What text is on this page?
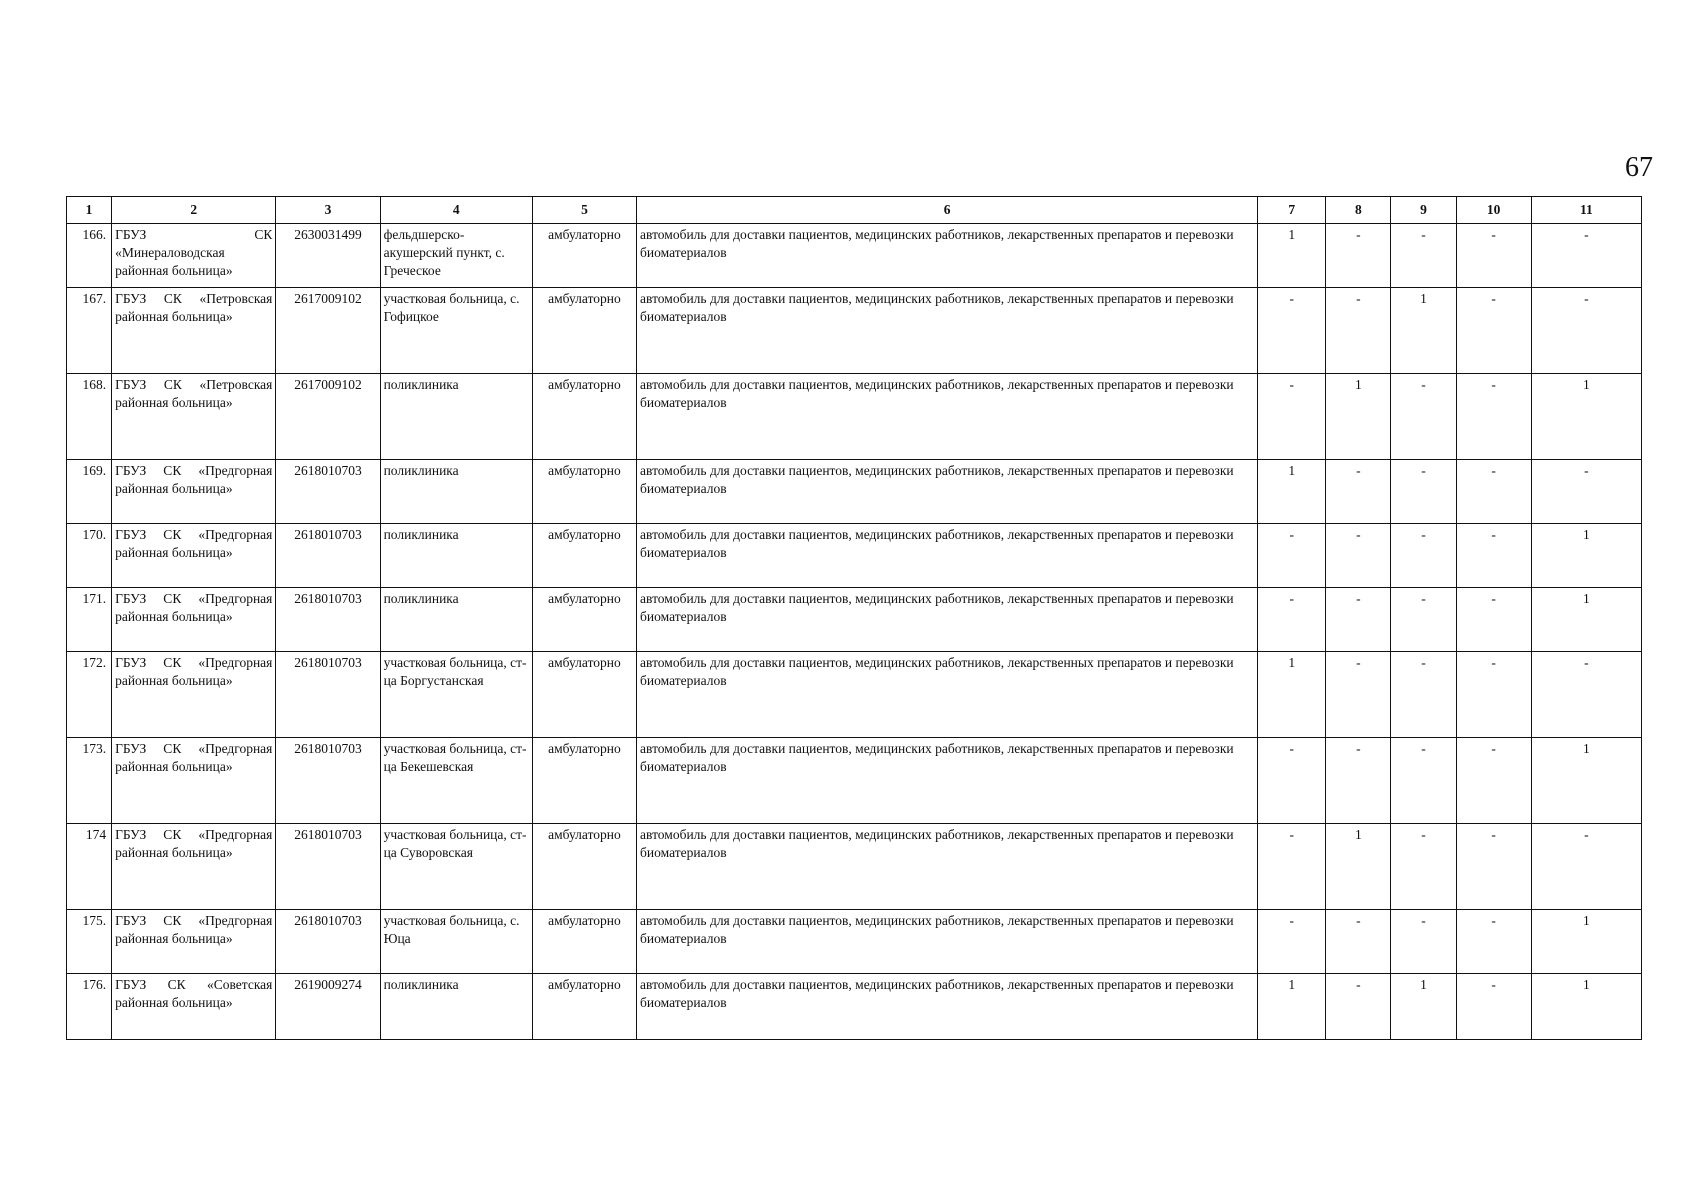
67
1	2	3	4	5	6	7	8	9	10	11
166.	ГБУЗ СК «Минераловодская районная больница»	2630031499	фельдшерско-акушерский пункт, с. Греческое	амбулаторно	автомобиль для доставки пациентов, медицинских работников, лекарственных препаратов и перевозки биоматериалов	1	-	-	-	-
167.	ГБУЗ СК «Петровская районная больница»	2617009102	участковая больница, с. Гофицкое	амбулаторно	автомобиль для доставки пациентов, медицинских работников, лекарственных препаратов и перевозки биоматериалов	-	-	1	-	-
168.	ГБУЗ СК «Петровская районная больница»	2617009102	поликлиника	амбулаторно	автомобиль для доставки пациентов, медицинских работников, лекарственных препаратов и перевозки биоматериалов	-	1	-	-	1
169.	ГБУЗ СК «Предгорная районная больница»	2618010703	поликлиника	амбулаторно	автомобиль для доставки пациентов, медицинских работников, лекарственных препаратов и перевозки биоматериалов	1	-	-	-	-
170.	ГБУЗ СК «Предгорная районная больница»	2618010703	поликлиника	амбулаторно	автомобиль для доставки пациентов, медицинских работников, лекарственных препаратов и перевозки биоматериалов	-	-	-	-	1
171.	ГБУЗ СК «Предгорная районная больница»	2618010703	поликлиника	амбулаторно	автомобиль для доставки пациентов, медицинских работников, лекарственных препаратов и перевозки биоматериалов	-	-	-	-	1
172.	ГБУЗ СК «Предгорная районная больница»	2618010703	участковая больница, ст-ца Боргустанская	амбулаторно	автомобиль для доставки пациентов, медицинских работников, лекарственных препаратов и перевозки биоматериалов	1	-	-	-	-
173.	ГБУЗ СК «Предгорная районная больница»	2618010703	участковая больница, ст-ца Бекешевская	амбулаторно	автомобиль для доставки пациентов, медицинских работников, лекарственных препаратов и перевозки биоматериалов	-	-	-	-	1
174	ГБУЗ СК «Предгорная районная больница»	2618010703	участковая больница, ст-ца Суворовская	амбулаторно	автомобиль для доставки пациентов, медицинских работников, лекарственных препаратов и перевозки биоматериалов	-	1	-	-	-
175.	ГБУЗ СК «Предгорная районная больница»	2618010703	участковая больница, с. Юца	амбулаторно	автомобиль для доставки пациентов, медицинских работников, лекарственных препаратов и перевозки биоматериалов	-	-	-	-	1
176.	ГБУЗ СК «Советская районная больница»	2619009274	поликлиника	амбулаторно	автомобиль для доставки пациентов, медицинских работников, лекарственных препаратов и перевозки биоматериалов	1	-	1	-	1
